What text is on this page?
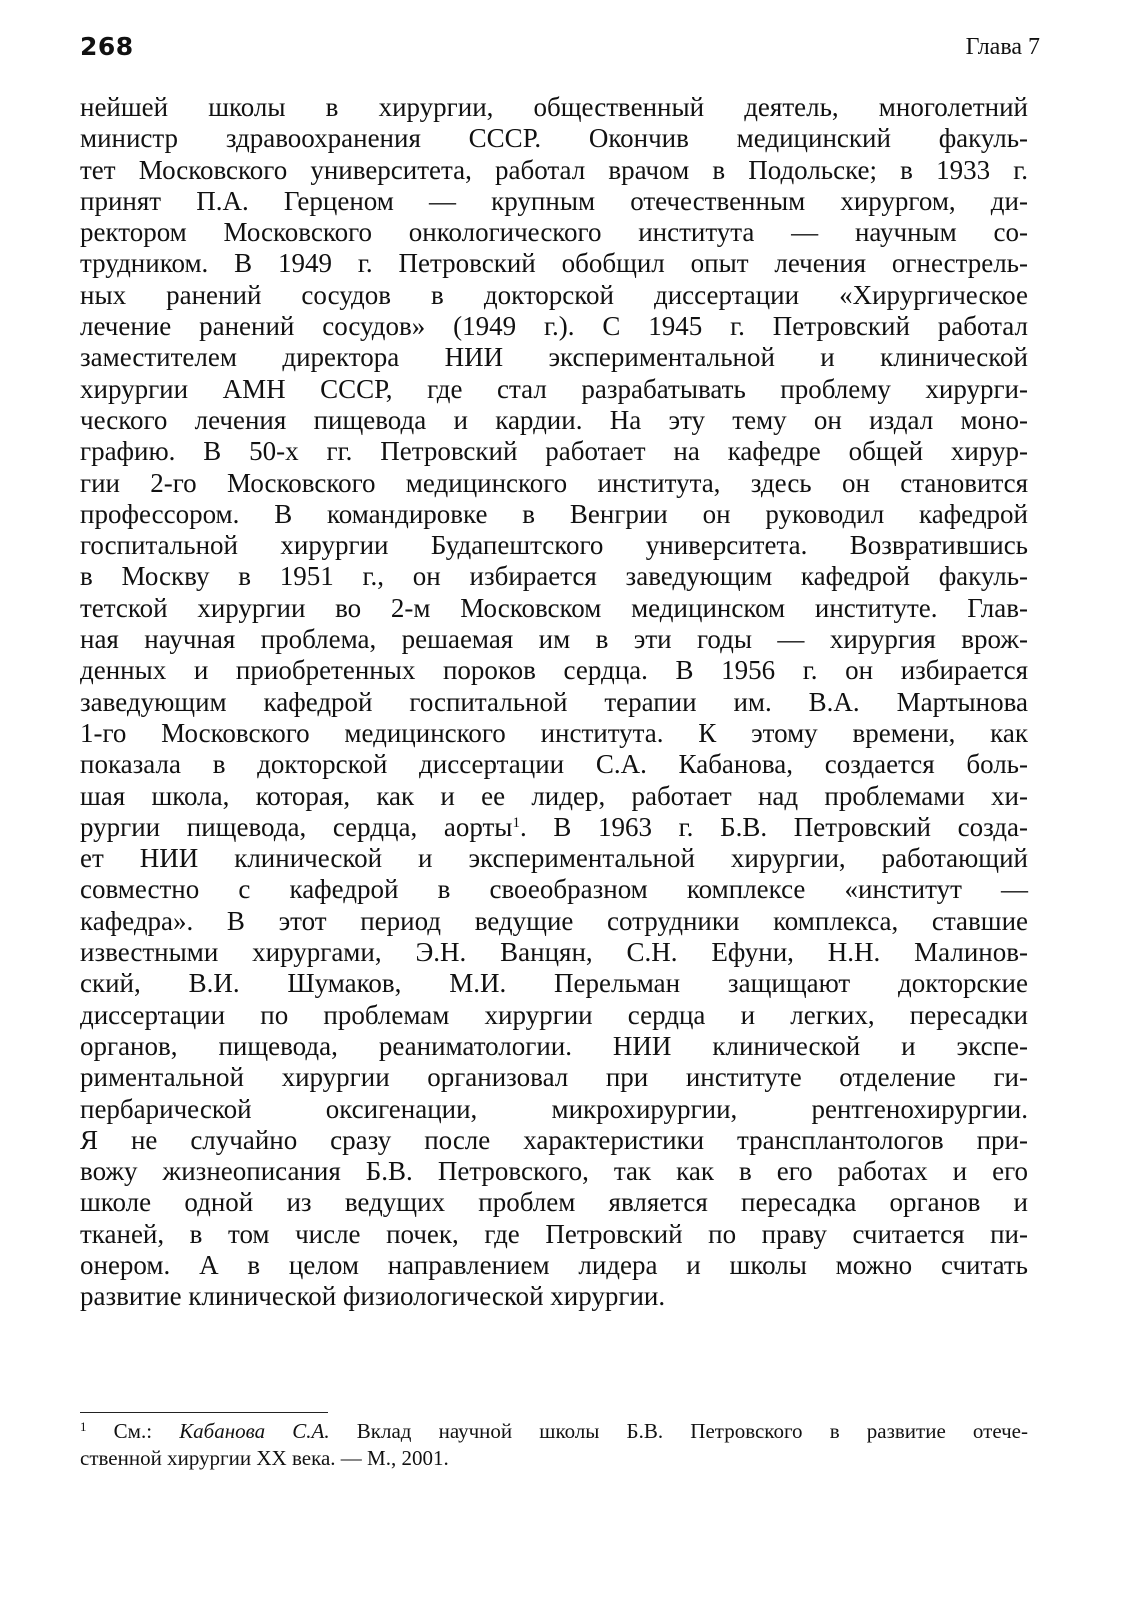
268	Глава 7
нейшей школы в хирургии, общественный деятель, многолетний
министр здравоохранения СССР. Окончив медицинский факуль-
тет Московского университета, работал врачом в Подольске; в 1933 г.
принят П.А. Герценом — крупным отечественным хирургом, ди-
ректором Московского онкологического института — научным со-
трудником. В 1949 г. Петровский обобщил опыт лечения огнестрель-
ных ранений сосудов в докторской диссертации «Хирургическое
лечение ранений сосудов» (1949 г.). С 1945 г. Петровский работал
заместителем директора НИИ экспериментальной и клинической
хирургии АМН СССР, где стал разрабатывать проблему хирурги-
ческого лечения пищевода и кардии. На эту тему он издал моно-
графию. В 50-х гг. Петровский работает на кафедре общей хирур-
гии 2-го Московского медицинского института, здесь он становится
профессором. В командировке в Венгрии он руководил кафедрой
госпитальной хирургии Будапештского университета. Возвратившись
в Москву в 1951 г., он избирается заведующим кафедрой факуль-
тетской хирургии во 2-м Московском медицинском институте. Глав-
ная научная проблема, решаемая им в эти годы — хирургия врож-
денных и приобретенных пороков сердца. В 1956 г. он избирается
заведующим кафедрой госпитальной терапии им. В.А. Мартынова
1-го Московского медицинского института. К этому времени, как
показала в докторской диссертации С.А. Кабанова, создается боль-
шая школа, которая, как и ее лидер, работает над проблемами хи-
рургии пищевода, сердца, аорты$^1$. В 1963 г. Б.В. Петровский созда-
ет НИИ клинической и экспериментальной хирургии, работающий
совместно с кафедрой в своеобразном комплексе «институт —
кафедра». В этот период ведущие сотрудники комплекса, ставшие
известными хирургами, Э.Н. Ванцян, С.Н. Ефуни, Н.Н. Малинов-
ский, В.И. Шумаков, М.И. Перельман защищают докторские
диссертации по проблемам хирургии сердца и легких, пересадки
органов, пищевода, реаниматологии. НИИ клинической и экспе-
риментальной хирургии организовал при институте отделение ги-
пербарической оксигенации, микрохирургии, рентгенохирургии.
Я не случайно сразу после характеристики трансплантологов при-
вожу жизнеописания Б.В. Петровского, так как в его работах и его
школе одной из ведущих проблем является пересадка органов и
тканей, в том числе почек, где Петровский по праву считается пи-
онером. А в целом направлением лидера и школы можно считать
развитие клинической физиологической хирургии.
$^1$ См.: Кабанова С.А. Вклад научной школы Б.В. Петровского в развитие отече-
ственной хирургии XX века. — М., 2001.
